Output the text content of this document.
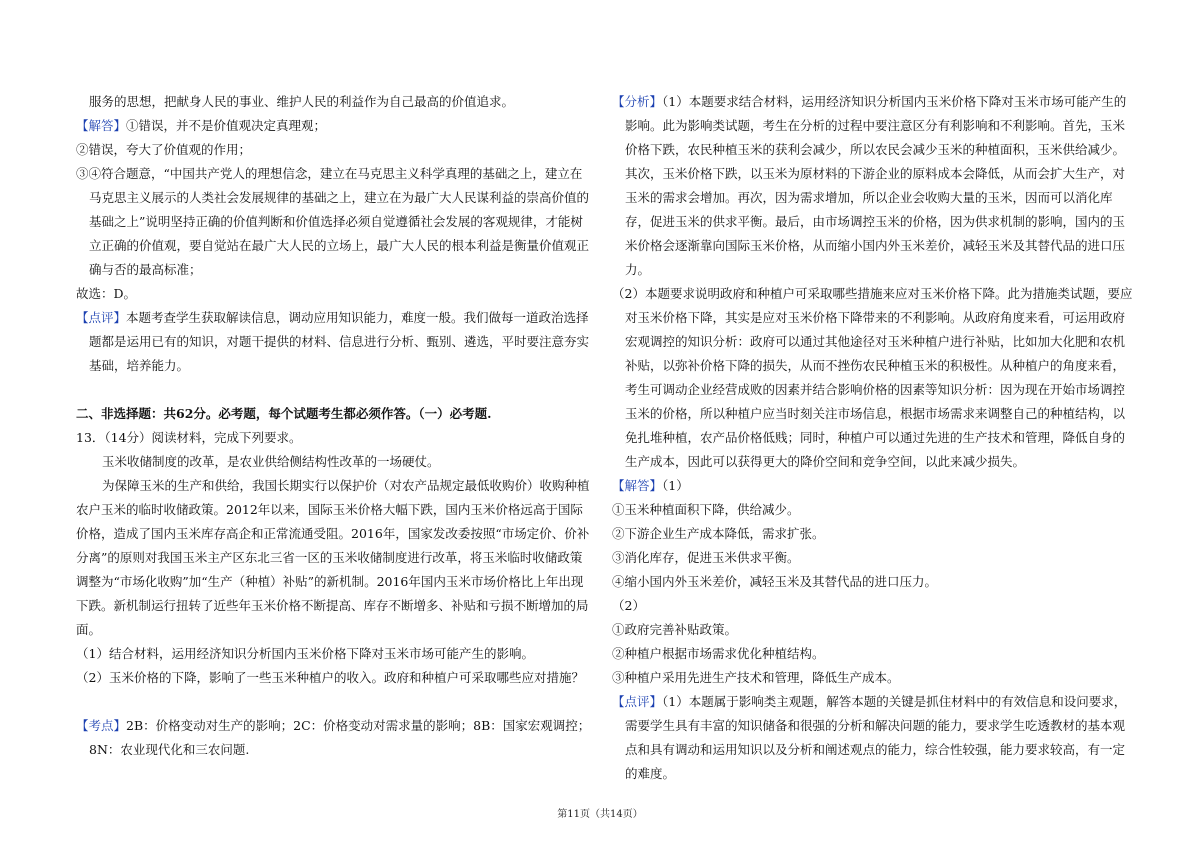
服务的思想，把献身人民的事业、维护人民的利益作为自己最高的价值追求。

【解答】①错误，并不是价值观决定真理观；

②错误，夸大了价值观的作用；

③④符合题意，“中国共产党人的理想信念，建立在马克思主义科学真理的基础之上，建立在马克思主义展示的人类社会发展规律的基础之上，建立在为最广大人民谋利益的崇高价值的基础之上”说明坚持正确的价值判断和价值选择必须自觉遵循社会发展的客观规律，才能树立正确的价值观，要自觉站在最广大人民的立场上，最广大人民的根本利益是衡量价值观正确与否的最高标准；

故选：D。

【点评】本题考查学生获取解读信息，调动应用知识能力，难度一般。我们做每一道政治选择题都是运用已有的知识，对题干提供的材料、信息进行分析、甄别、遴选，平时要注意夯实基础，培养能力。

二、非选择题：共62分。必考题，每个试题考生都必须作答。（一）必考题.

13．（14分）阅读材料，完成下列要求。

玉米收储制度的改革，是农业供给侧结构性改革的一场硬仗。

为保障玉米的生产和供给，我国长期实行以保护价（对农产品规定最低收购价）收购种植农户玉米的临时收储政策。2012年以来，国际玉米价格大幅下跌，国内玉米价格远高于国际价格，造成了国内玉米库存高企和正常流通受阻。2016年，国家发改委按照“市场定价、价补分离”的原则对我国玉米主产区东北三省一区的玉米收储制度进行改革，将玉米临时收储政策调整为“市场化收购”加“生产（种植）补贴”的新机制。2016年国内玉米市场价格比上年出现下跌。新机制运行扭转了近些年玉米价格不断提高、库存不断增多、补贴和亏损不断增加的局面。

（1）结合材料，运用经济知识分析国内玉米价格下降对玉米市场可能产生的影响。

（2）玉米价格的下降，影响了一些玉米种植户的收入。政府和种植户可采取哪些应对措施？

【考点】2B：价格变动对生产的影响；2C：价格变动对需求量的影响；8B：国家宏观调控；8N：农业现代化和三农问题.

【分析】（1）本题要求结合材料，运用经济知识分析国内玉米价格下降对玉米市场可能产生的影响。此为影响类试题，考生在分析的过程中要注意区分有利影响和不利影响。首先，玉米价格下跌，农民种植玉米的获利会减少，所以农民会减少玉米的种植面积，玉米供给减少。其次，玉米价格下跌，以玉米为原材料的下游企业的原料成本会降低，从而会扩大生产，对玉米的需求会增加。再次，因为需求增加，所以企业会收购大量的玉米，因而可以消化库存，促进玉米的供求平衡。最后，由市场调控玉米的价格，因为供求机制的影响，国内的玉米价格会逐渐靠向国际玉米价格，从而缩小国内外玉米差价，减轻玉米及其替代品的进口压力。

（2）本题要求说明政府和种植户可采取哪些措施来应对玉米价格下降。此为措施类试题，要应对玉米价格下降，其实是应对玉米价格下降带来的不利影响。从政府角度来看，可运用政府宏观调控的知识分析：政府可以通过其他途径对玉米种植户进行补贴，比如加大化肥和农机补贴，以弥补价格下降的损失，从而不挫伤农民种植玉米的积极性。从种植户的角度来看，考生可调动企业经营成败的因素并结合影响价格的因素等知识分析：因为现在开始市场调控玉米的价格，所以种植户应当时刻关注市场信息，根据市场需求来调整自己的种植结构，以免扎堆种植，农产品价格低贱；同时，种植户可以通过先进的生产技术和管理，降低自身的生产成本，因此可以获得更大的降价空间和竞争空间，以此来减少损失。

【解答】（1）

①玉米种植面积下降，供给减少。

②下游企业生产成本降低，需求扩张。

③消化库存，促进玉米供求平衡。

④缩小国内外玉米差价，减轻玉米及其替代品的进口压力。

（2）

①政府完善补贴政策。

②种植户根据市场需求优化种植结构。

③种植户采用先进生产技术和管理，降低生产成本。

【点评】（1）本题属于影响类主观题，解答本题的关键是抓住材料中的有效信息和设问要求，需要学生具有丰富的知识储备和很强的分析和解决问题的能力，要求学生吃透教材的基本观点和具有调动和运用知识以及分析和阐述观点的能力，综合性较强，能力要求较高，有一定的难度。

第11页（共14页）
